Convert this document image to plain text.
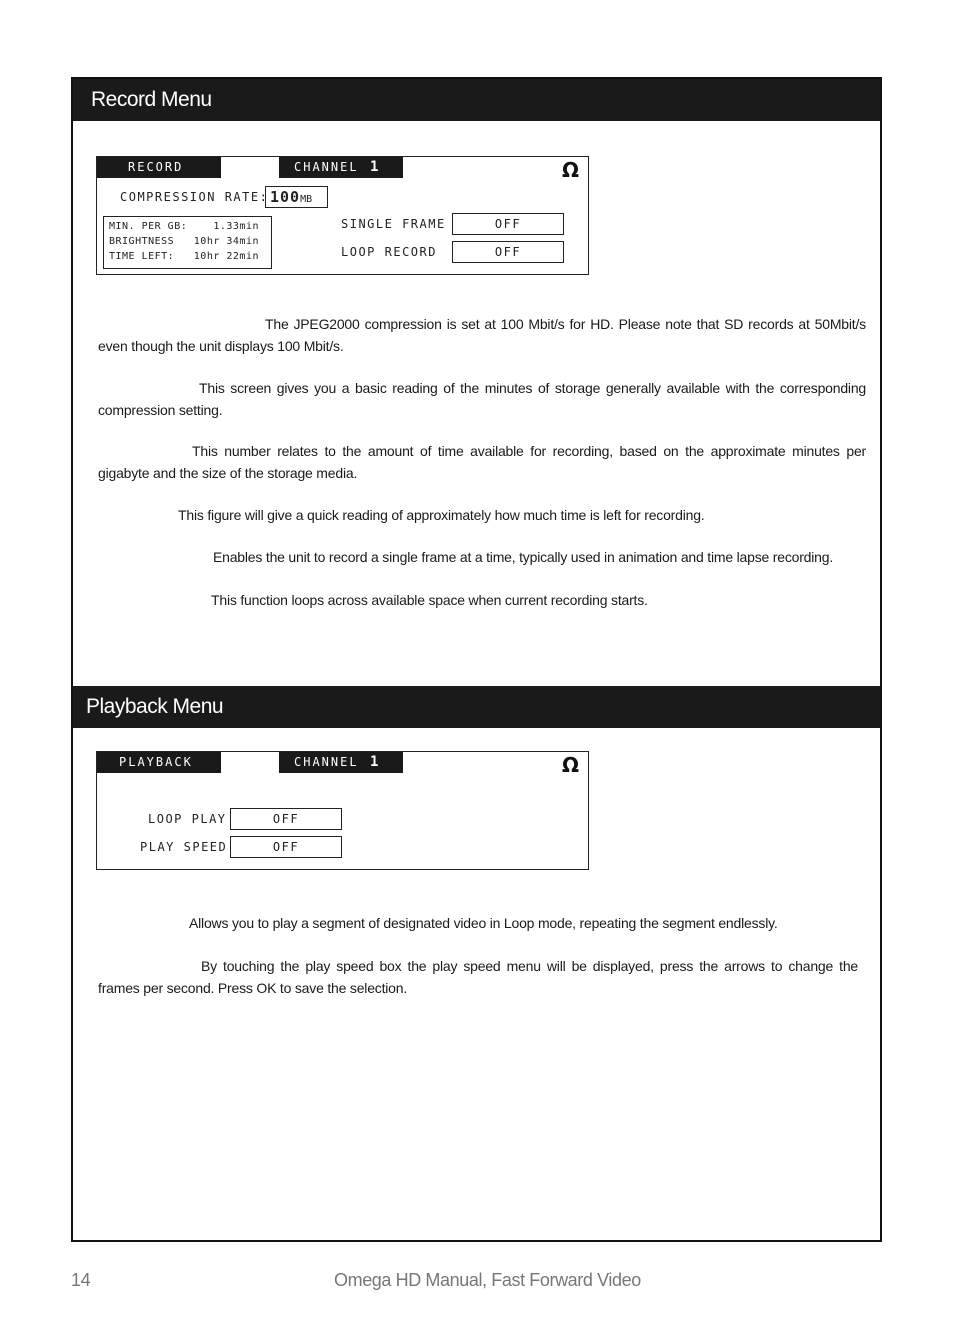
Record Menu
RECORD	CHANNEL 1	Ω
COMPRESSION RATE: 100MB
MIN. PER GB:	1.33min
BRIGHTNESS 10hr 34min
TIME LEFT: 10hr 22min
SINGLE FRAME	OFF
LOOP RECORD	OFF
Playback Menu
PLAYBACK	CHANNEL 1	Ω
LOOP PLAY	OFF
PLAY SPEED	OFF
The JPEG2000 compression is set at 100 Mbit/s for HD. Please note that SD records at 50Mbit/s even though the unit displays 100 Mbit/s.
This screen gives you a basic reading of the minutes of storage generally available with the corresponding compression setting.
This number relates to the amount of time available for recording, based on the approximate minutes per gigabyte and the size of the storage media.
This figure will give a quick reading of approximately how much time is left for recording.
Enables the unit to record a single frame at a time, typically used in animation and time lapse recording.
This function loops across available space when current recording starts.
Allows you to play a segment of designated video in Loop mode, repeating the segment endlessly.
By touching the play speed box the play speed menu will be displayed, press the arrows to change the frames per second. Press OK to save the selection.
14	Omega HD Manual, Fast Forward Video
